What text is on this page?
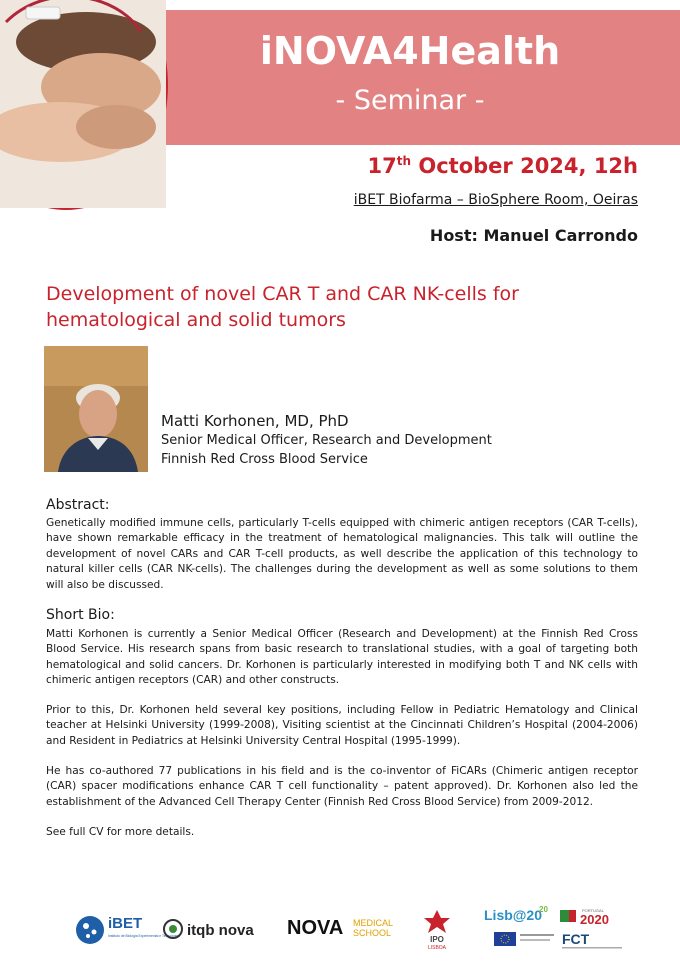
iNOVA4Health
- Seminar -
17th October 2024, 12h
iBET Biofarma – BioSphere Room, Oeiras
Host: Manuel Carrondo
Development of novel CAR T and CAR NK-cells for
hematological and solid tumors
Matti Korhonen, MD, PhD
Senior Medical Officer, Research and Development
Finnish Red Cross Blood Service
Abstract:

Genetically modified immune cells, particularly T-cells equipped with chimeric antigen receptors (CAR T-cells), have shown remarkable efficacy in the treatment of hematological malignancies. This talk will outline the development of novel CARs and CAR T-cell products, as well describe the application of this technology to natural killer cells (CAR NK-cells). The challenges during the development as well as some solutions to them will also be discussed.

Short Bio:

Matti Korhonen is currently a Senior Medical Officer (Research and Development) at the Finnish Red Cross Blood Service. His research spans from basic research to translational studies, with a goal of targeting both hematological and solid cancers. Dr. Korhonen is particularly interested in modifying both T and NK cells with chimeric antigen receptors (CAR) and other constructs.

Prior to this, Dr. Korhonen held several key positions, including Fellow in Pediatric Hematology and Clinical teacher at Helsinki University (1999-2008), Visiting scientist at the Cincinnati Children’s Hospital (2004-2006) and Resident in Pediatrics at Helsinki University Central Hospital (1995-1999).

He has co-authored 77 publications in his field and is the co-inventor of FiCARs (Chimeric antigen receptor (CAR) spacer modifications enhance CAR T cell functionality – patent approved). Dr. Korhonen also led the establishment of the Advanced Cell Therapy Center (Finnish Red Cross Blood Service) from 2009-2012.

See full CV for more details.

iBET
Instituto de Biologia Experimental e Tecnológica itqb nova NOVA MEDICAL
SCHOOL
IPO
LISBOA
Lisb@20
20	PORTUGAL
2020
FCT
